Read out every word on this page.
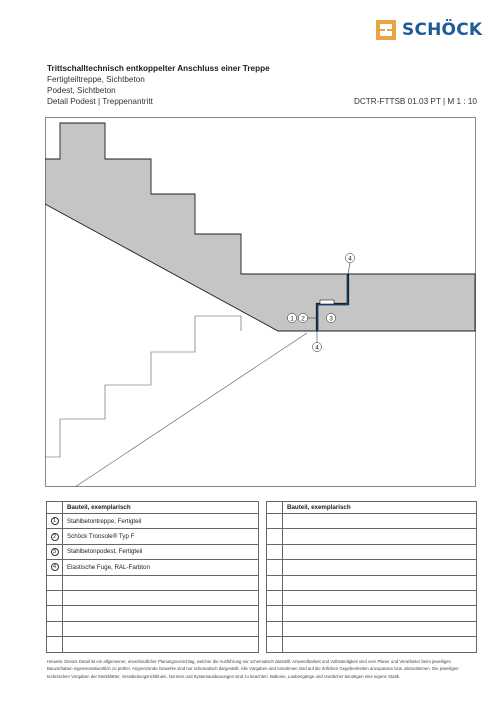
SCHÖCK
Trittschalltechnisch entkoppelter Anschluss einer Treppe
Fertigteiltreppe, Sichtbeton
Podest, Sichtbeton
Detail Podest | Treppenantritt	DCTR-FTTSB 01.03 PT | M 1 : 10
1 2	3
4
4
	Bauteil, exemplarisch
1	Stahlbetontreppe, Fertigteil
2	Schöck Tronsole® Typ F
3	Stahlbetonpodest, Fertigteil
4	Elastische Fuge, RAL-Farbton

	Bauteil, exemplarisch

Hinweis: Dieses Detail ist ein allgemeiner, unverbindlicher Planungsvorschlag, welcher die Ausführung nur schematisch darstellt. Anwendbarkeit und Vollständigkeit sind vom Planer und Verarbeiter beim jeweiligen Bauvorhaben eigenverantwortlich zu prüfen. Angrenzende Gewerke sind nur schematisch dargestellt. Alle Vorgaben und Annahmen sind auf die örtlichen Gegebenheiten anzupassen bzw. abzustimmen. Die jeweiligen technischen Vorgaben der Merkblätter, Verarbeitungsrichtlinien, Normen und Systemausbauungen sind zu beachten. Balkone, Laubengänge und Vordächer benötigen eine eigene Statik.
